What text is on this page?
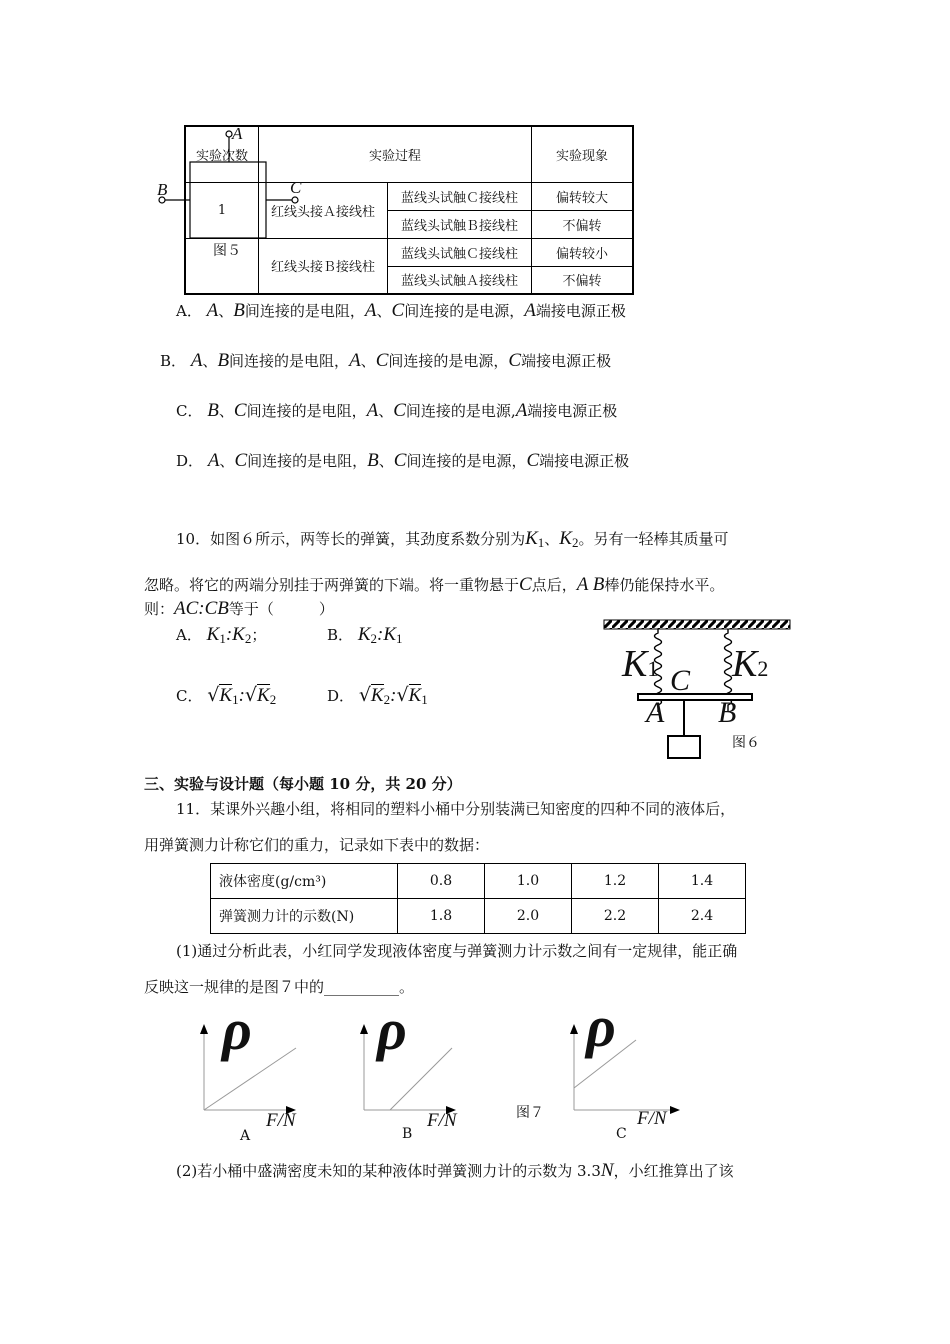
实验次数	实验过程		实验现象
1	红线头接Ａ接线柱	蓝线头试触Ｃ接线柱	偏转较大
		蓝线头试触Ｂ接线柱	不偏转
	红线头接Ｂ接线柱	蓝线头试触Ｃ接线柱	偏转较小
		蓝线头试触Ａ接线柱	不偏转
A
B	C
图５
A． A、B间连接的是电阻，A、C间连接的是电源，A端接电源正极
B． A、B间连接的是电阻，A、C间连接的是电源，C端接电源正极
C． B、C间连接的是电阻，A、C间连接的是电源,A端接电源正极
D． A、C间连接的是电阻，B、C间连接的是电源，C端接电源正极
10．如图６所示，两等长的弹簧，其劲度系数分别为K1、K2。另有一轻棒其质量可
忽略。将它的两端分别挂于两弹簧的下端。将一重物悬于C点后，A B棒仍能保持水平。
则：AC:CB等于（　　　）
A． K1:K2；	B． K2:K1
C． √K1:√K2	D． √K2:√K1
K1 K2
C
A B
图６
三、实验与设计题（每小题 10 分，共 20 分）
11．某课外兴趣小组，将相同的塑料小桶中分别装满已知密度的四种不同的液体后，
用弹簧测力计称它们的重力，记录如下表中的数据：
液体密度(g/cm³)	0.8	1.0	1.2	1.4
弹簧测力计的示数(N)	1.8	2.0	2.2	2.4
(1)通过分析此表，小红同学发现液体密度与弹簧测力计示数之间有一定规律，能正确
反映这一规律的是图７中的__________。
ρ ρ	ρ
F/N	F/N	F/N
A	B	C
图７
(2)若小桶中盛满密度未知的某种液体时弹簧测力计的示数为 3.3N，小红推算出了该
